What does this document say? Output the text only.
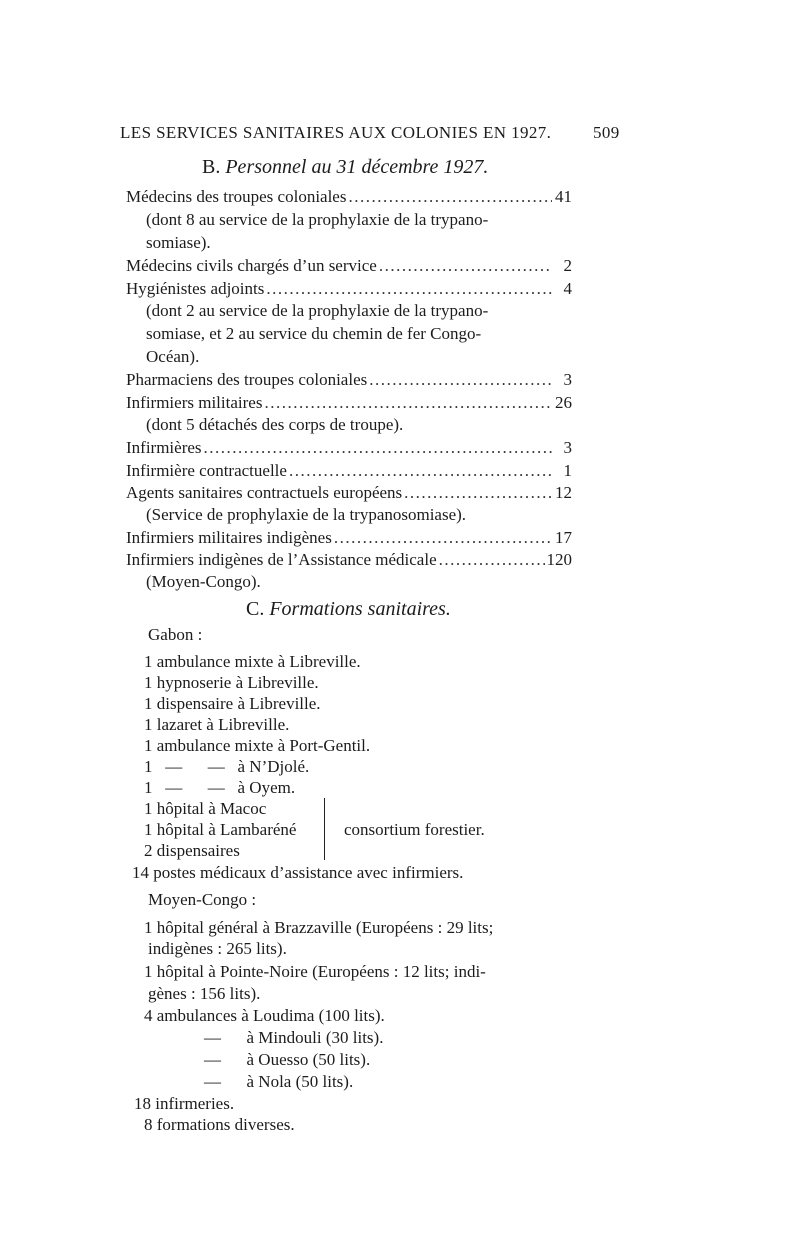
LES SERVICES SANITAIRES AUX COLONIES EN 1927. 509
B. Personnel au 31 décembre 1927.
Médecins des troupes coloniales .....	41
(dont 8 au service de la prophylaxie de la trypano-
somiase).
Médecins civils chargés d’un service .....	2
Hygiénistes adjoints .....	4
(dont 2 au service de la prophylaxie de la trypano-
somiase, et 2 au service du chemin de fer Congo-
Océan).
Pharmaciens des troupes coloniales .....	3
Infirmiers militaires .....	26
(dont 5 détachés des corps de troupe).
Infirmières .....	3
Infirmière contractuelle .....	1
Agents sanitaires contractuels européens .....	12
(Service de prophylaxie de la trypanosomiase).
Infirmiers militaires indigènes .....	17
Infirmiers indigènes de l’Assistance médicale .....	120
(Moyen-Congo).
C. Formations sanitaires.
Gabon :
1 ambulance mixte à Libreville.
1 hypnoserie à Libreville.
1 dispensaire à Libreville.
1 lazaret à Libreville.
1 ambulance mixte à Port-Gentil.
1   —      —   à N’Djolé.
1   —      —   à Oyem.
1 hôpital à Macoc
1 hôpital à Lambaréné
2 dispensaires
consortium forestier.
14 postes médicaux d’assistance avec infirmiers.
Moyen-Congo :
1 hôpital général à Brazzaville (Européens : 29 lits;
indigènes : 265 lits).
1 hôpital à Pointe-Noire (Européens : 12 lits; indi-
gènes : 156 lits).
4 ambulances à Loudima (100 lits).
—      à Mindouli (30 lits).
—      à Ouesso (50 lits).
—      à Nola (50 lits).
18 infirmeries.
8 formations diverses.
